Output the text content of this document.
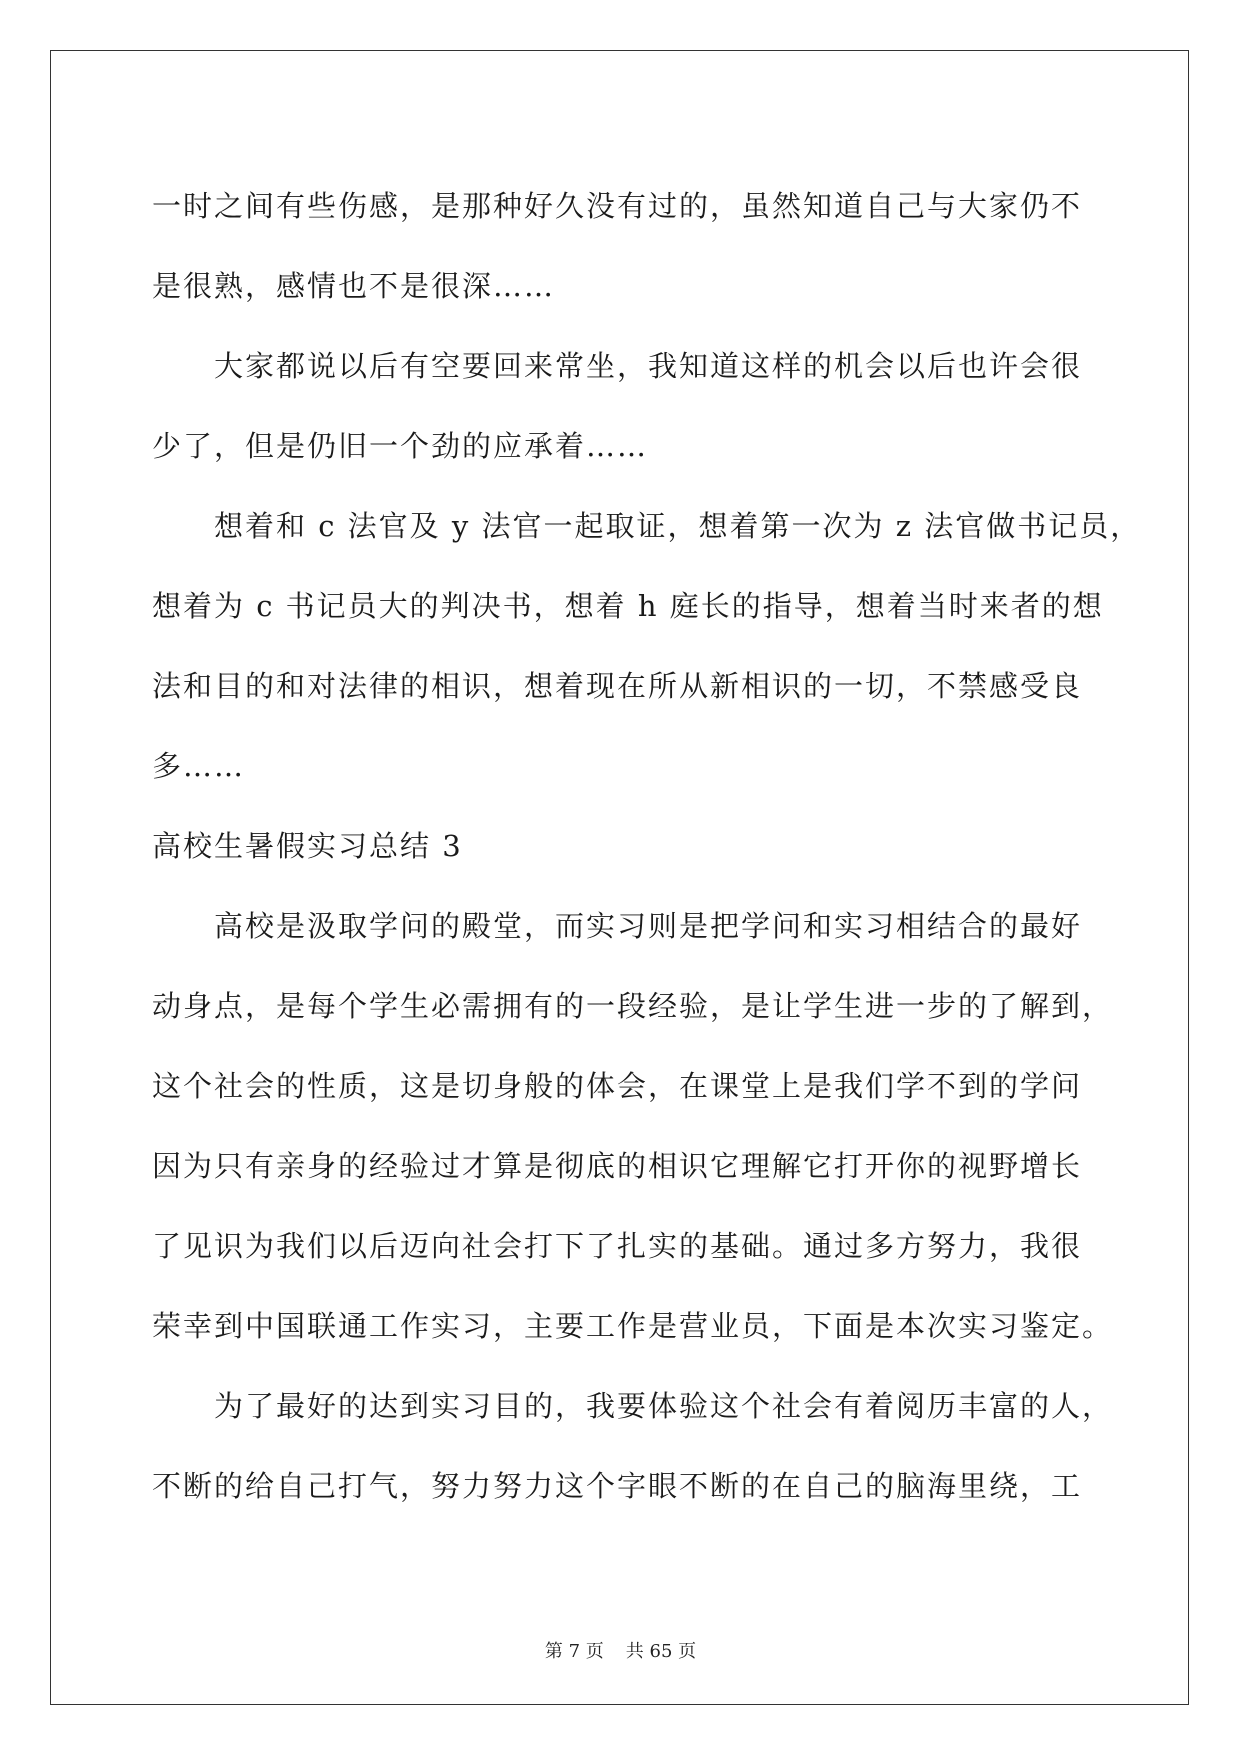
一时之间有些伤感，是那种好久没有过的，虽然知道自己与大家仍不
是很熟，感情也不是很深……
大家都说以后有空要回来常坐，我知道这样的机会以后也许会很
少了，但是仍旧一个劲的应承着……
想着和 c 法官及 y 法官一起取证，想着第一次为 z 法官做书记员，
想着为 c 书记员大的判决书，想着 h 庭长的指导，想着当时来者的想
法和目的和对法律的相识，想着现在所从新相识的一切，不禁感受良
多……
高校生暑假实习总结 3
高校是汲取学问的殿堂，而实习则是把学问和实习相结合的最好
动身点，是每个学生必需拥有的一段经验，是让学生进一步的了解到，
这个社会的性质，这是切身般的体会，在课堂上是我们学不到的学问
因为只有亲身的经验过才算是彻底的相识它理解它打开你的视野增长
了见识为我们以后迈向社会打下了扎实的基础。通过多方努力，我很
荣幸到中国联通工作实习，主要工作是营业员，下面是本次实习鉴定。
为了最好的达到实习目的，我要体验这个社会有着阅历丰富的人，
不断的给自己打气，努力努力这个字眼不断的在自己的脑海里绕，工
第 7 页 共 65 页
